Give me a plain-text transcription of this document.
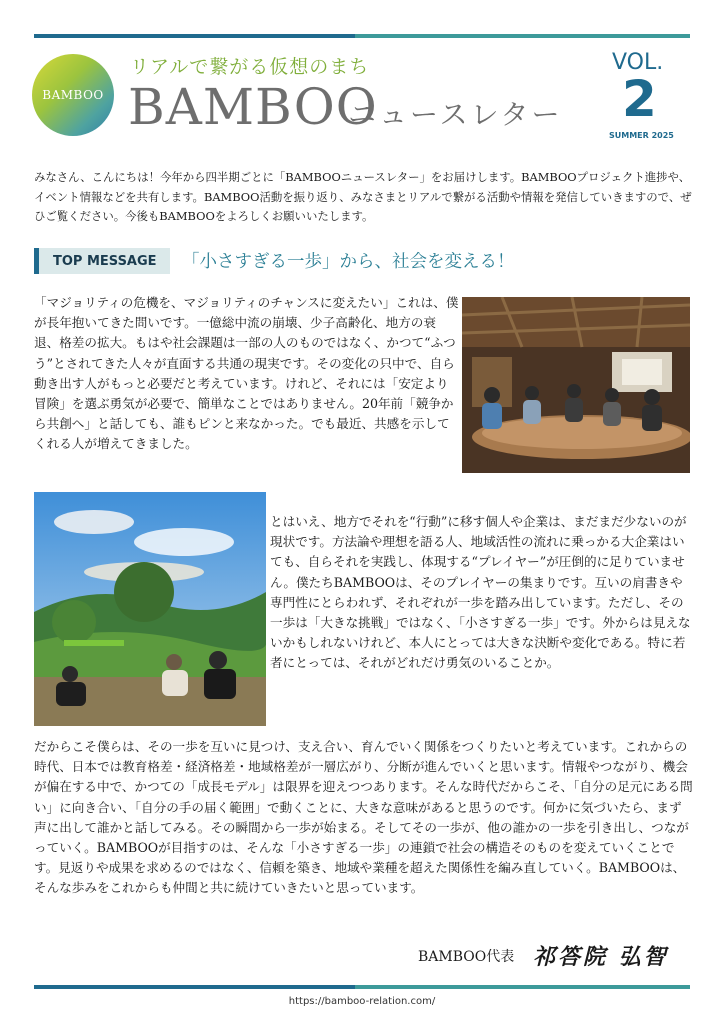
BAMBOO
リアルで繋がる仮想のまち
BAMBOO
ニュースレター
VOL.
2
SUMMER 2025
みなさん、こんにちは！今年から四半期ごとに「BAMBOOニュースレター」をお届けします。BAMBOOプロジェクト進捗や、イベント情報などを共有します。BAMBOO活動を振り返り、みなさまとリアルで繋がる活動や情報を発信していきますので、ぜひご覧ください。今後もBAMBOOをよろしくお願いいたします。
TOP MESSAGE	「小さすぎる一歩」から、社会を変える！
「マジョリティの危機を、マジョリティのチャンスに変えたい」これは、僕が長年抱いてきた問いです。一億総中流の崩壊、少子高齢化、地方の衰退、格差の拡大。もはや社会課題は一部の人のものではなく、かつて“ふつう”とされてきた人々が直面する共通の現実です。その変化の只中で、自ら動き出す人がもっと必要だと考えています。けれど、それには「安定より冒険」を選ぶ勇気が必要で、簡単なことではありません。20年前「競争から共創へ」と話しても、誰もピンと来なかった。でも最近、共感を示してくれる人が増えてきました。
とはいえ、地方でそれを“行動”に移す個人や企業は、まだまだ少ないのが現状です。方法論や理想を語る人、地域活性の流れに乗っかる大企業はいても、自らそれを実践し、体現する“プレイヤー”が圧倒的に足りていません。僕たちBAMBOOは、そのプレイヤーの集まりです。互いの肩書きや専門性にとらわれず、それぞれが一歩を踏み出しています。ただし、その一歩は「大きな挑戦」ではなく、「小さすぎる一歩」です。外からは見えないかもしれないけれど、本人にとっては大きな決断や変化である。特に若者にとっては、それがどれだけ勇気のいることか。
だからこそ僕らは、その一歩を互いに見つけ、支え合い、育んでいく関係をつくりたいと考えています。これからの時代、日本では教育格差・経済格差・地域格差が一層広がり、分断が進んでいくと思います。情報やつながり、機会が偏在する中で、かつての「成長モデル」は限界を迎えつつあります。そんな時代だからこそ、「自分の足元にある問い」に向き合い、「自分の手の届く範囲」で動くことに、大きな意味があると思うのです。何かに気づいたら、まず声に出して誰かと話してみる。その瞬間から一歩が始まる。そしてその一歩が、他の誰かの一歩を引き出し、つながっていく。BAMBOOが目指すのは、そんな「小さすぎる一歩」の連鎖で社会の構造そのものを変えていくことです。見返りや成果を求めるのではなく、信頼を築き、地域や業種を超えた関係性を編み直していく。BAMBOOは、そんな歩みをこれからも仲間と共に続けていきたいと思っています。
BAMBOO代表 祁答院 弘智
https://bamboo-relation.com/
